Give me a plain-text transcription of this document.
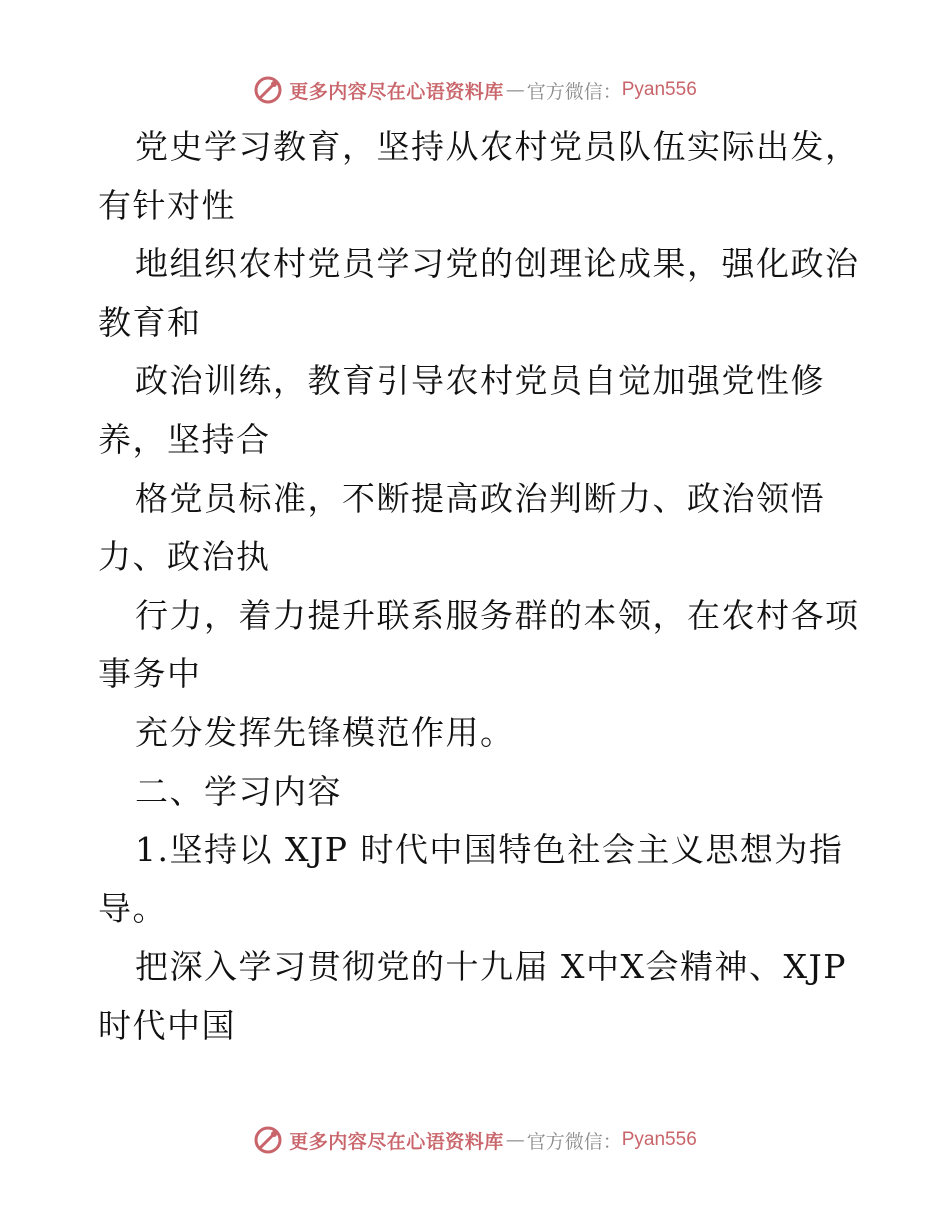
更多内容尽在心语资料库 — 官方微信： Pyan556
党史学习教育，坚持从农村党员队伍实际出发，
有针对性
地组织农村党员学习党的创理论成果，强化政治
教育和
政治训练，教育引导农村党员自觉加强党性修
养，坚持合
格党员标准，不断提高政治判断力、政治领悟
力、政治执
行力，着力提升联系服务群的本领，在农村各项
事务中
充分发挥先锋模范作用。
二、学习内容
1.坚持以 XJP 时代中国特色社会主义思想为指
导。
把深入学习贯彻党的十九届 X中X会精神、XJP
时代中国
更多内容尽在心语资料库 — 官方微信： Pyan556
